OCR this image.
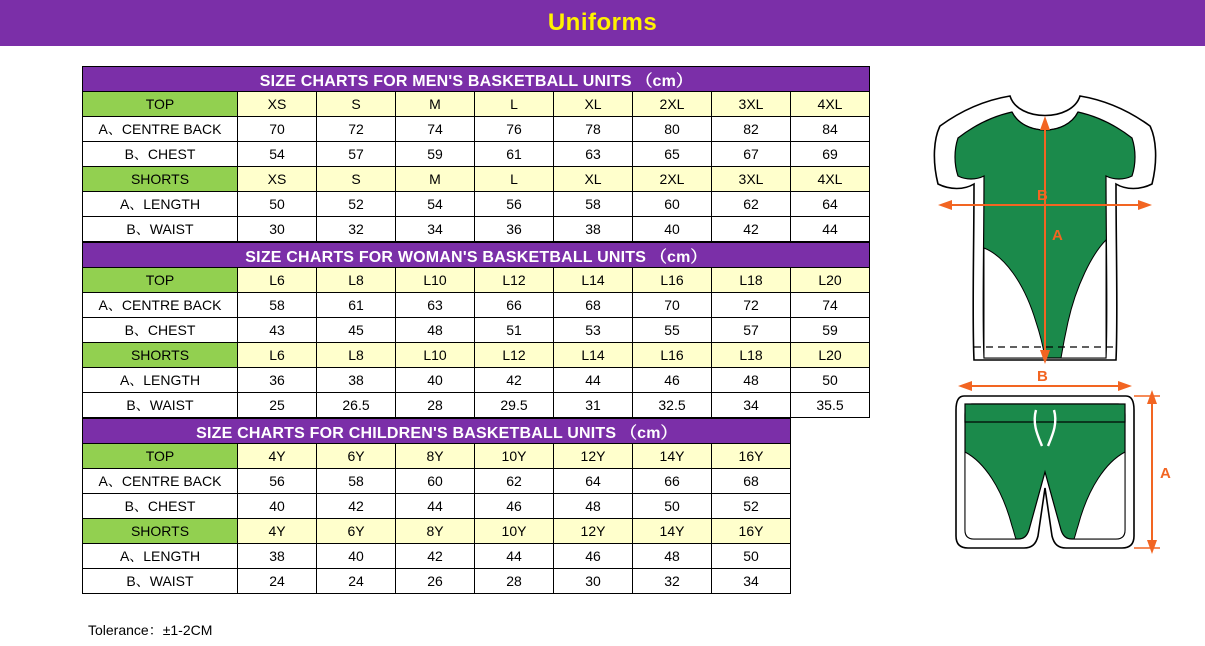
Uniforms
SIZE CHARTS FOR MEN'S BASKETBALL UNITS （cm）								
TOP	XS	S	M	L	XL	2XL	3XL	4XL
A、CENTRE BACK	70	72	74	76	78	80	82	84
B、CHEST	54	57	59	61	63	65	67	69
SHORTS	XS	S	M	L	XL	2XL	3XL	4XL
A、LENGTH	50	52	54	56	58	60	62	64
B、WAIST	30	32	34	36	38	40	42	44
SIZE CHARTS FOR WOMAN'S BASKETBALL UNITS （cm）								
TOP	L6	L8	L10	L12	L14	L16	L18	L20
A、CENTRE BACK	58	61	63	66	68	70	72	74
B、CHEST	43	45	48	51	53	55	57	59
SHORTS	L6	L8	L10	L12	L14	L16	L18	L20
A、LENGTH	36	38	40	42	44	46	48	50
B、WAIST	25	26.5	28	29.5	31	32.5	34	35.5
SIZE CHARTS FOR CHILDREN'S BASKETBALL UNITS （cm）							
TOP	4Y	6Y	8Y	10Y	12Y	14Y	16Y
A、CENTRE BACK	56	58	60	62	64	66	68
B、CHEST	40	42	44	46	48	50	52
SHORTS	4Y	6Y	8Y	10Y	12Y	14Y	16Y
A、LENGTH	38	40	42	44	46	48	50
B、WAIST	24	24	26	28	30	32	34
Tolerance：±1-2CM
A
B
B
A
